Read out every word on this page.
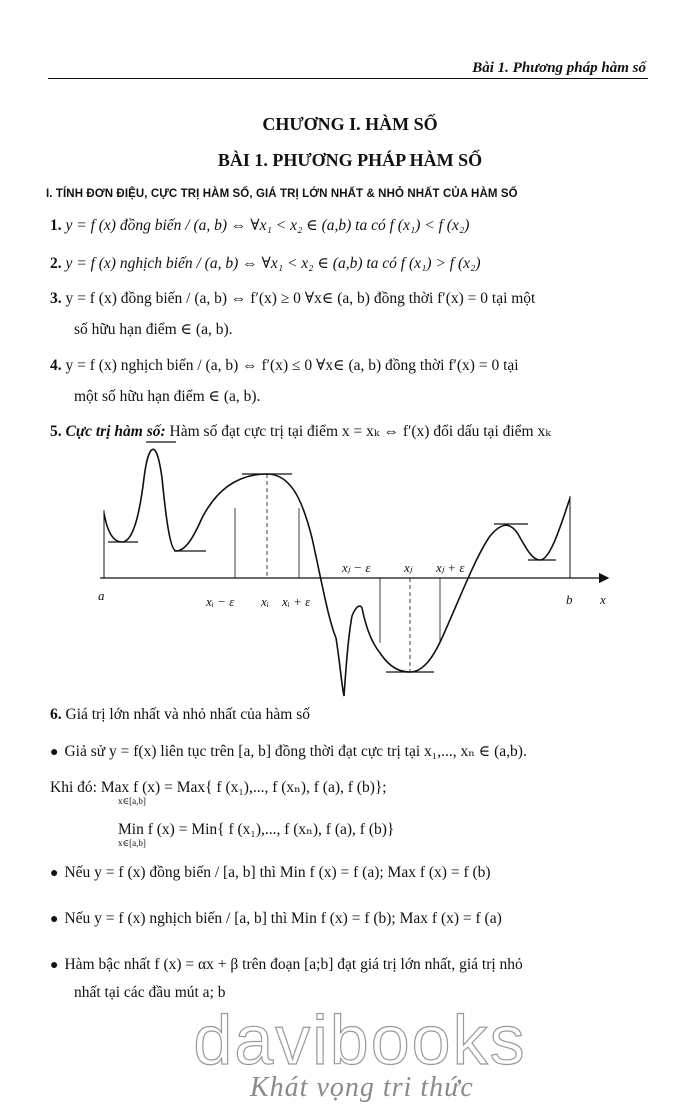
Bài 1. Phương pháp hàm số
CHƯƠNG I. HÀM SỐ
BÀI 1. PHƯƠNG PHÁP HÀM SỐ
I. TÍNH ĐƠN ĐIỆU, CỰC TRỊ HÀM SỐ, GIÁ TRỊ LỚN NHẤT & NHỎ NHẤT CỦA HÀM SỐ
1. y = f (x) đồng biến / (a, b) ⇔ ∀x₁ < x₂ ∈ (a,b) ta có f (x₁) < f (x₂)
2. y = f (x) nghịch biến / (a, b) ⇔ ∀x₁ < x₂ ∈ (a,b) ta có f (x₁) > f (x₂)
3. y = f (x) đồng biến / (a, b) ⇔ f′(x) ≥ 0 ∀x∈ (a, b) đồng thời f′(x) = 0 tại một
số hữu hạn điểm ∈ (a, b).
4. y = f (x) nghịch biến / (a, b) ⇔ f′(x) ≤ 0 ∀x∈ (a, b) đồng thời f′(x) = 0 tại
một số hữu hạn điểm ∈ (a, b).
5. Cực trị hàm số: Hàm số đạt cực trị tại điểm x = xₖ ⇔ f′(x) đổi dấu tại điểm xₖ
a	xᵢ − ε xᵢ xᵢ + ε
xⱼ − ε	xⱼ xⱼ + ε
b x
6. Giá trị lớn nhất và nhỏ nhất của hàm số
● Giả sử y = f(x) liên tục trên [a, b] đồng thời đạt cực trị tại x₁,..., xₙ ∈ (a,b).
Khi đó: Max f (x) = Max{ f (x₁),..., f (xₙ), f (a), f (b)};
x∈[a,b]
Min f (x) = Min{ f (x₁),..., f (xₙ), f (a), f (b)}
x∈[a,b]
● Nếu y = f (x) đồng biến / [a, b] thì Min f (x) = f (a); Max f (x) = f (b)
● Nếu y = f (x) nghịch biến / [a, b] thì Min f (x) = f (b); Max f (x) = f (a)
● Hàm bậc nhất f (x) = αx + β trên đoạn [a;b] đạt giá trị lớn nhất, giá trị nhỏ
nhất tại các đầu mút a; b
davibooks
Khát vọng tri thức
